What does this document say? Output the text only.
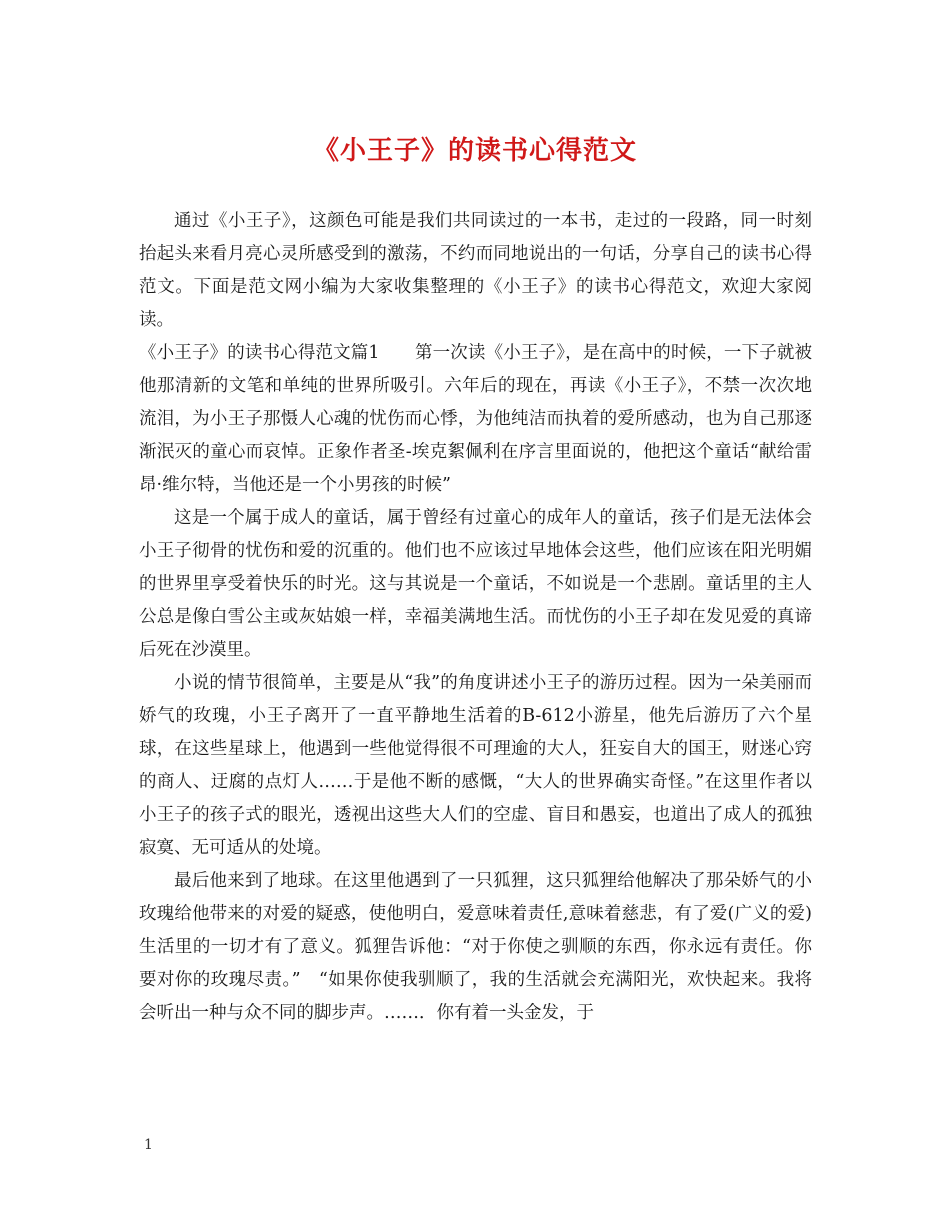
《小王子》的读书心得范文

通过《小王子》，这颜色可能是我们共同读过的一本书，走过的一段路，同一时刻抬起头来看月亮心灵所感受到的激荡，不约而同地说出的一句话，分享自己的读书心得范文。下面是范文网小编为大家收集整理的《小王子》的读书心得范文，欢迎大家阅读。

《小王子》的读书心得范文篇1　　第一次读《小王子》，是在高中的时候，一下子就被他那清新的文笔和单纯的世界所吸引。六年后的现在，再读《小王子》，不禁一次次地流泪，为小王子那慑人心魂的忧伤而心悸，为他纯洁而执着的爱所感动，也为自己那逐渐泯灭的童心而哀悼。正象作者圣-埃克絮佩利在序言里面说的，他把这个童话“献给雷昂·维尔特，当他还是一个小男孩的时候”

这是一个属于成人的童话，属于曾经有过童心的成年人的童话，孩子们是无法体会小王子彻骨的忧伤和爱的沉重的。他们也不应该过早地体会这些，他们应该在阳光明媚的世界里享受着快乐的时光。这与其说是一个童话，不如说是一个悲剧。童话里的主人公总是像白雪公主或灰姑娘一样，幸福美满地生活。而忧伤的小王子却在发见爱的真谛后死在沙漠里。

小说的情节很简单，主要是从“我”的角度讲述小王子的游历过程。因为一朵美丽而娇气的玫瑰，小王子离开了一直平静地生活着的B-612小游星，他先后游历了六个星球，在这些星球上，他遇到一些他觉得很不可理逾的大人，狂妄自大的国王，财迷心窍的商人、迂腐的点灯人……于是他不断的感慨，“大人的世界确实奇怪。”在这里作者以小王子的孩子式的眼光，透视出这些大人们的空虚、盲目和愚妄，也道出了成人的孤独寂寞、无可适从的处境。

最后他来到了地球。在这里他遇到了一只狐狸，这只狐狸给他解决了那朵娇气的小玫瑰给他带来的对爱的疑惑，使他明白，爱意味着责任,意味着慈悲，有了爱(广义的爱)生活里的一切才有了意义。狐狸告诉他：“对于你使之驯顺的东西，你永远有责任。你要对你的玫瑰尽责。”　“如果你使我驯顺了，我的生活就会充满阳光，欢快起来。我将会听出一种与众不同的脚步声。……．你有着一头金发，于

1
